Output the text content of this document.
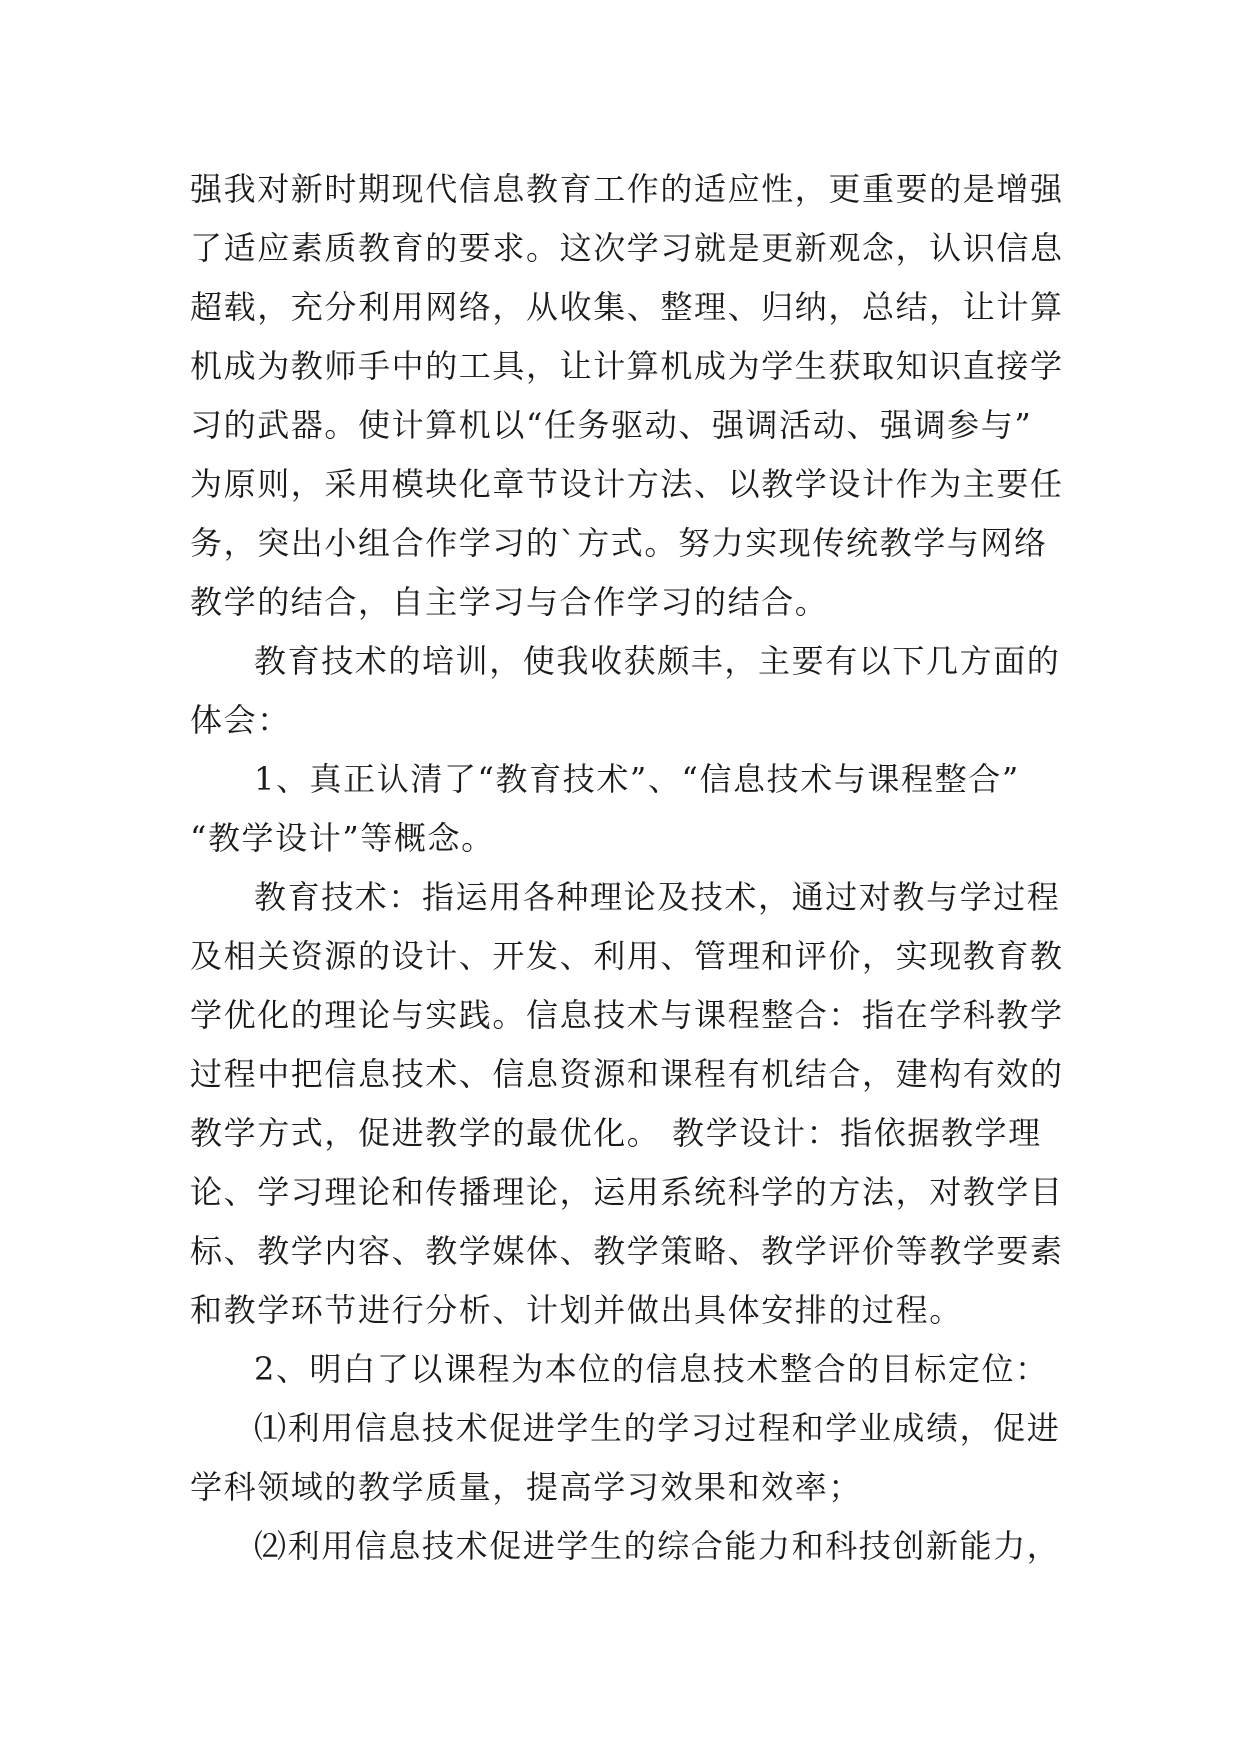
强我对新时期现代信息教育工作的适应性，更重要的是增强
了适应素质教育的要求。这次学习就是更新观念，认识信息
超载，充分利用网络，从收集、整理、归纳，总结，让计算
机成为教师手中的工具，让计算机成为学生获取知识直接学
习的武器。使计算机以“任务驱动、强调活动、强调参与”
为原则，采用模块化章节设计方法、以教学设计作为主要任
务，突出小组合作学习的`方式。努力实现传统教学与网络
教学的结合，自主学习与合作学习的结合。
教育技术的培训，使我收获颇丰，主要有以下几方面的
体会：
1、真正认清了“教育技术”、“信息技术与课程整合”
“教学设计”等概念。
教育技术：指运用各种理论及技术，通过对教与学过程
及相关资源的设计、开发、利用、管理和评价，实现教育教
学优化的理论与实践。信息技术与课程整合：指在学科教学
过程中把信息技术、信息资源和课程有机结合，建构有效的
教学方式，促进教学的最优化。 教学设计：指依据教学理
论、学习理论和传播理论，运用系统科学的方法，对教学目
标、教学内容、教学媒体、教学策略、教学评价等教学要素
和教学环节进行分析、计划并做出具体安排的过程。
2、明白了以课程为本位的信息技术整合的目标定位：
⑴利用信息技术促进学生的学习过程和学业成绩，促进
学科领域的教学质量，提高学习效果和效率；
⑵利用信息技术促进学生的综合能力和科技创新能力，
